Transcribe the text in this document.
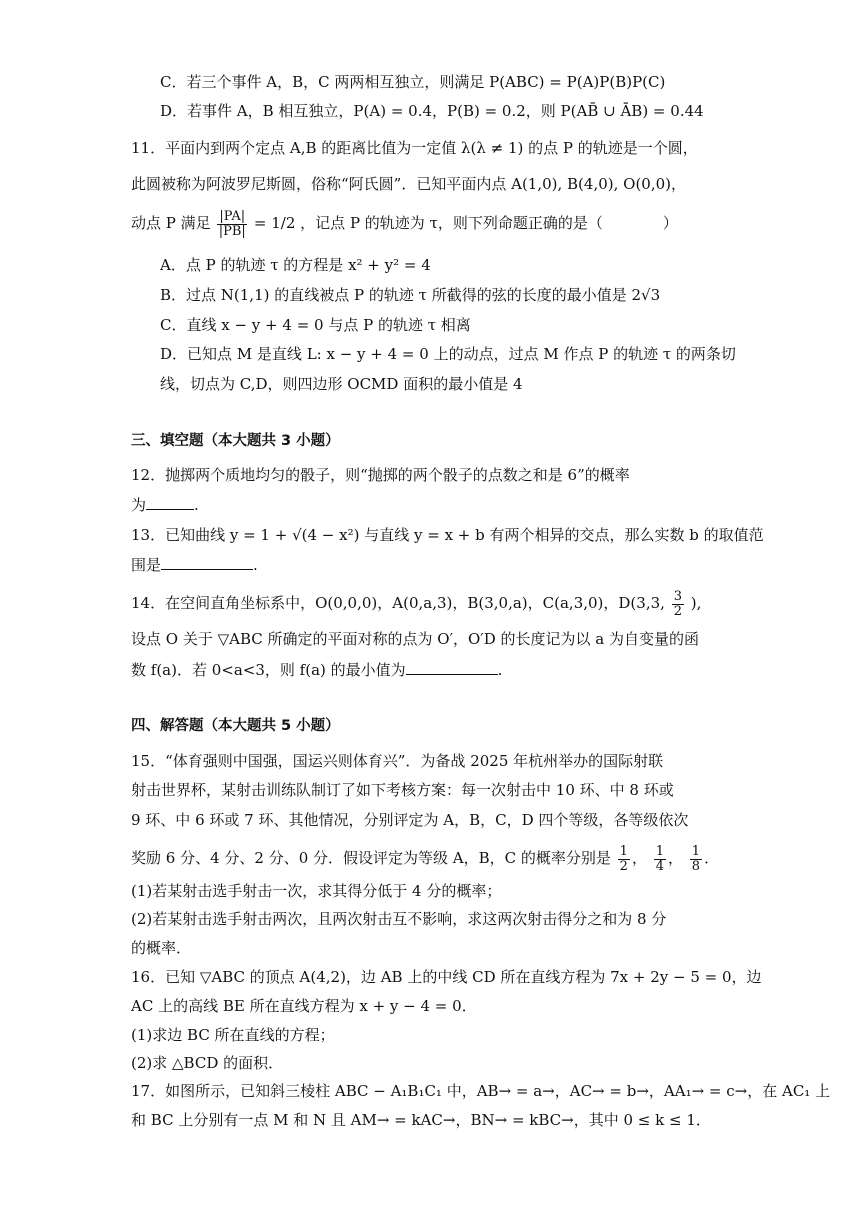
C．若三个事件 A，B，C 两两相互独立，则满足 P(ABC) = P(A)P(B)P(C)
D．若事件 A，B 相互独立，P(A) = 0.4，P(B) = 0.2，则 P(AB̄ ∪ ĀB) = 0.44
11．平面内到两个定点 A,B 的距离比值为一定值 λ(λ ≠ 1) 的点 P 的轨迹是一个圆，
此圆被称为阿波罗尼斯圆，俗称“阿氏圆”．已知平面内点 A(1,0), B(4,0), O(0,0)，
动点 P 满足 $\frac{|PA|}{|PB|} = 1/2$ ，记点 P 的轨迹为 τ，则下列命题正确的是（　　　　）
A．点 P 的轨迹 τ 的方程是 x² + y² = 4
B．过点 N(1,1) 的直线被点 P 的轨迹 τ 所截得的弦的长度的最小值是 2√3
C．直线 x − y + 4 = 0 与点 P 的轨迹 τ 相离
D．已知点 M 是直线 L: x − y + 4 = 0 上的动点，过点 M 作点 P 的轨迹 τ 的两条切
线，切点为 C,D，则四边形 OCMD 面积的最小值是 4
三、填空题（本大题共 3 小题）
12．抛掷两个质地均匀的骰子，则“抛掷的两个骰子的点数之和是 6”的概率
为	.
13．已知曲线 y = 1 + √(4 − x²) 与直线 y = x + b 有两个相异的交点，那么实数 b 的取值范
围是	.
14．在空间直角坐标系中，O(0,0,0)，A(0,a,3)，B(3,0,a)，C(a,3,0)，D(3,3, $\frac{3}{2}$ ),
设点 O 关于 ▽ABC 所确定的平面对称的点为 O′，O′D 的长度记为以 a 为自变量的函
数 f(a)．若 0<a<3，则 f(a) 的最小值为	.
四、解答题（本大题共 5 小题）
15．“体育强则中国强，国运兴则体育兴”．为备战 2025 年杭州举办的国际射联
射击世界杯，某射击训练队制订了如下考核方案：每一次射击中 10 环、中 8 环或
9 环、中 6 环或 7 环、其他情况，分别评定为 A，B，C，D 四个等级，各等级依次
奖励 6 分、4 分、2 分、0 分．假设评定为等级 A，B，C 的概率分别是 $\frac{1}{2}$ ， $\frac{1}{4}$ ， $\frac{1}{8}$ ．
(1)若某射击选手射击一次，求其得分低于 4 分的概率；
(2)若某射击选手射击两次，且两次射击互不影响，求这两次射击得分之和为 8 分
的概率．
16．已知 ▽ABC 的顶点 A(4,2)，边 AB 上的中线 CD 所在直线方程为 7x + 2y − 5 = 0，边
AC 上的高线 BE 所在直线方程为 x + y − 4 = 0．
(1)求边 BC 所在直线的方程；
(2)求 △BCD 的面积．
17．如图所示，已知斜三棱柱 ABC − A₁B₁C₁ 中，AB→ = a→，AC→ = b→，AA₁→ = c→，在 AC₁ 上
和 BC 上分别有一点 M 和 N 且 AM→ = kAC→，BN→ = kBC→，其中 0 ≤ k ≤ 1．
